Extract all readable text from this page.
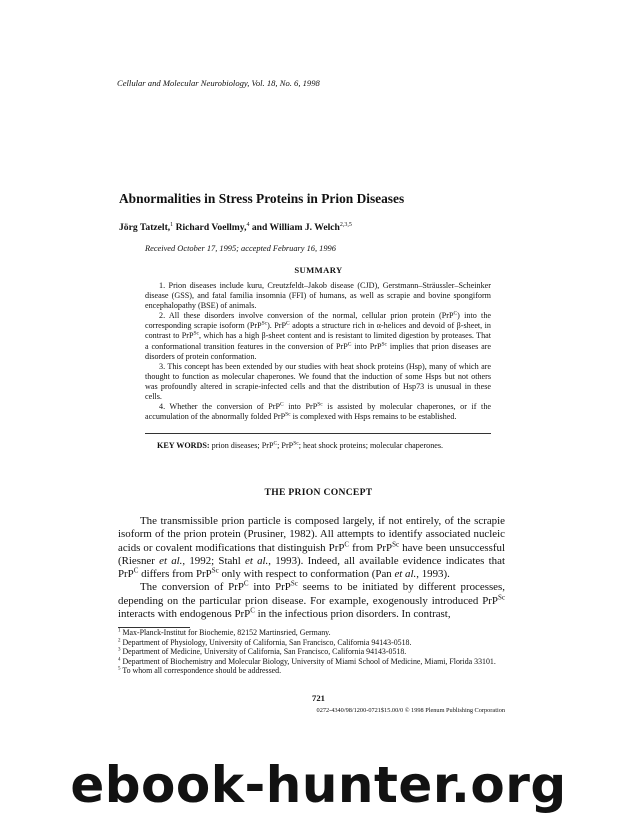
Cellular and Molecular Neurobiology, Vol. 18, No. 6, 1998
Abnormalities in Stress Proteins in Prion Diseases
Jörg Tatzelt,$^1$ Richard Voellmy,$^4$ and William J. Welch$^{2,3,5}$
Received October 17, 1995; accepted February 16, 1996
SUMMARY

1. Prion diseases include kuru, Creutzfeldt–Jakob disease (CJD), Gerstmann–Sträussler–Scheinker disease (GSS), and fatal familia insomnia (FFI) of humans, as well as scrapie and bovine spongiform encephalopathy (BSE) of animals.

2. All these disorders involve conversion of the normal, cellular prion protein (PrP$^C$) into the corresponding scrapie isoform (PrP$^{Sc}$). PrP$^C$ adopts a structure rich in α-helices and devoid of β-sheet, in contrast to PrP$^{Sc}$, which has a high β-sheet content and is resistant to limited digestion by proteases. That a conformational transition features in the conversion of PrP$^C$ into PrP$^{Sc}$ implies that prion diseases are disorders of protein conformation.

3. This concept has been extended by our studies with heat shock proteins (Hsp), many of which are thought to function as molecular chaperones. We found that the induction of some Hsps but not others was profoundly altered in scrapie-infected cells and that the distribution of Hsp73 is unusual in these cells.

4. Whether the conversion of PrP$^C$ into PrP$^{Sc}$ is assisted by molecular chaperones, or if the accumulation of the abnormally folded PrP$^{Sc}$ is complexed with Hsps remains to be established.

KEY WORDS: prion diseases; PrP$^C$; PrP$^{Sc}$; heat shock proteins; molecular chaperones.
THE PRION CONCEPT

The transmissible prion particle is composed largely, if not entirely, of the scrapie isoform of the prion protein (Prusiner, 1982). All attempts to identify associated nucleic acids or covalent modifications that distinguish PrP$^C$ from PrP$^{Sc}$ have been unsuccessful (Riesner et al., 1992; Stahl et al., 1993). Indeed, all available evidence indicates that PrP$^C$ differs from PrP$^{Sc}$ only with respect to conformation (Pan et al., 1993).

The conversion of PrP$^C$ into PrP$^{Sc}$ seems to be initiated by different processes, depending on the particular prion disease. For example, exogenously introduced PrP$^{Sc}$ interacts with endogenous PrP$^C$ in the infectious prion disorders. In contrast,

$^1$ Max-Planck-Institut for Biochemie, 82152 Martinsried, Germany.
$^2$ Department of Physiology, University of California, San Francisco, California 94143-0518.
$^3$ Department of Medicine, University of California, San Francisco, California 94143-0518.
$^4$ Department of Biochemistry and Molecular Biology, University of Miami School of Medicine, Miami, Florida 33101.
$^5$ To whom all correspondence should be addressed.
721
0272-4340/98/1200-0721$15.00/0 © 1998 Plenum Publishing Corporation
ebook-hunter.org
